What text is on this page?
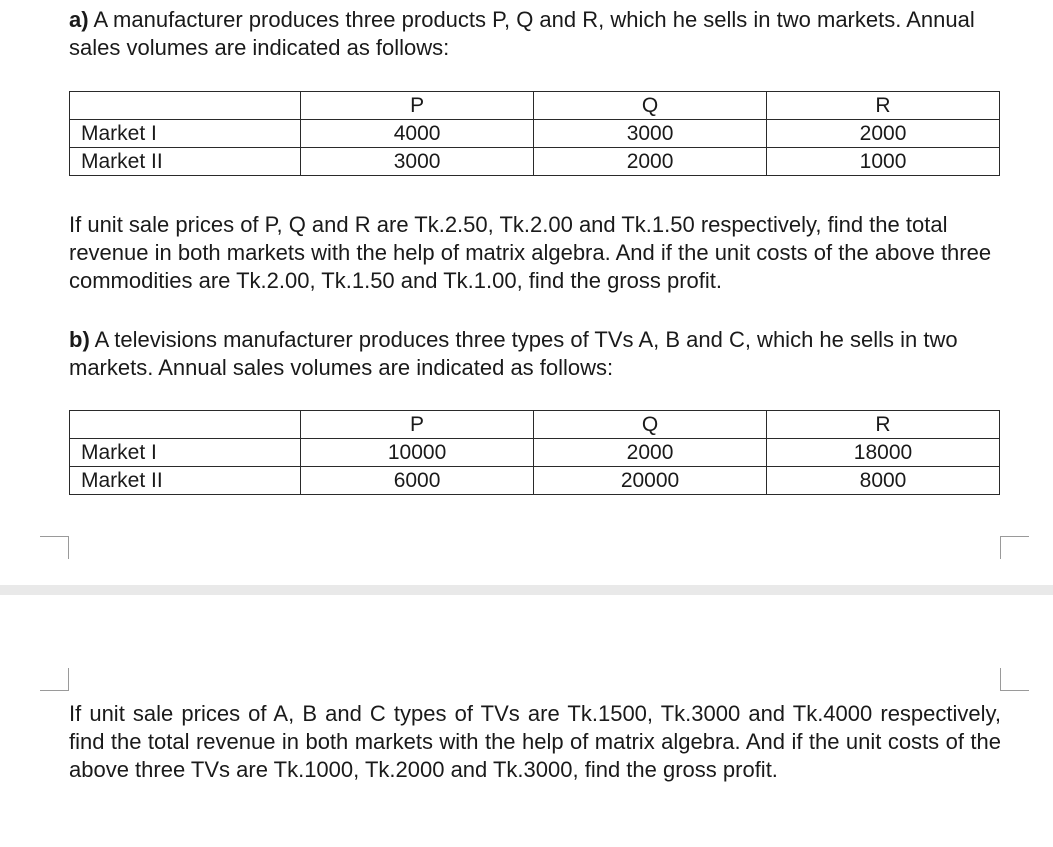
a) A manufacturer produces three products P, Q and R, which he sells in two markets. Annual sales volumes are indicated as follows:

	P	Q	R
Market I	4000	3000	2000
Market II	3000	2000	1000

If unit sale prices of P, Q and R are Tk.2.50, Tk.2.00 and Tk.1.50 respectively, find the total revenue in both markets with the help of matrix algebra. And if the unit costs of the above three commodities are Tk.2.00, Tk.1.50 and Tk.1.00, find the gross profit.

b) A televisions manufacturer produces three types of TVs A, B and C, which he sells in two markets. Annual sales volumes are indicated as follows:

	P	Q	R
Market I	10000	2000	18000
Market II	6000	20000	8000

If unit sale prices of A, B and C types of TVs are Tk.1500, Tk.3000 and Tk.4000 respectively, find the total revenue in both markets with the help of matrix algebra. And if the unit costs of the above three TVs are Tk.1000, Tk.2000 and Tk.3000, find the gross profit.
